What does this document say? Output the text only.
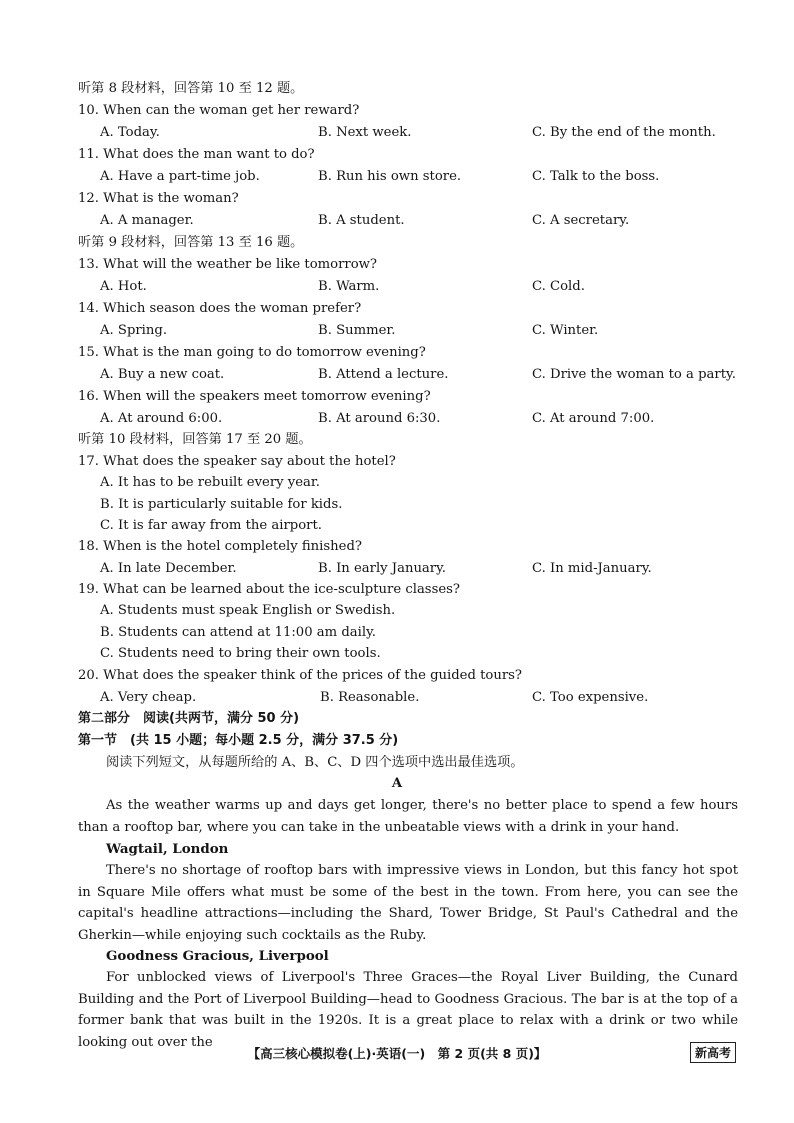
听第 8 段材料，回答第 10 至 12 题。
10. When can the woman get her reward?
A. Today.	B. Next week.	C. By the end of the month.
11. What does the man want to do?
A. Have a part-time job.	B. Run his own store.	C. Talk to the boss.
12. What is the woman?
A. A manager.	B. A student.	C. A secretary.
听第 9 段材料，回答第 13 至 16 题。
13. What will the weather be like tomorrow?
A. Hot.	B. Warm.	C. Cold.
14. Which season does the woman prefer?
A. Spring.	B. Summer.	C. Winter.
15. What is the man going to do tomorrow evening?
A. Buy a new coat.	B. Attend a lecture.	C. Drive the woman to a party.
16. When will the speakers meet tomorrow evening?
A. At around 6:00.	B. At around 6:30.	C. At around 7:00.
听第 10 段材料，回答第 17 至 20 题。
17. What does the speaker say about the hotel?
A. It has to be rebuilt every year.
B. It is particularly suitable for kids.
C. It is far away from the airport.
18. When is the hotel completely finished?
A. In late December.	B. In early January.	C. In mid-January.
19. What can be learned about the ice-sculpture classes?
A. Students must speak English or Swedish.
B. Students can attend at 11:00 am daily.
C. Students need to bring their own tools.
20. What does the speaker think of the prices of the guided tours?
A. Very cheap.	B. Reasonable.	C. Too expensive.
第二部分　阅读(共两节，满分 50 分)
第一节　(共 15 小题；每小题 2.5 分，满分 37.5 分)
阅读下列短文，从每题所给的 A、B、C、D 四个选项中选出最佳选项。
A
As the weather warms up and days get longer, there's no better place to spend a few hours than a rooftop bar, where you can take in the unbeatable views with a drink in your hand.
Wagtail, London
There's no shortage of rooftop bars with impressive views in London, but this fancy hot spot in Square Mile offers what must be some of the best in the town. From here, you can see the capital's headline attractions—including the Shard, Tower Bridge, St Paul's Cathedral and the Gherkin—while enjoying such cocktails as the Ruby.
Goodness Gracious, Liverpool
For unblocked views of Liverpool's Three Graces—the Royal Liver Building, the Cunard Building and the Port of Liverpool Building—head to Goodness Gracious. The bar is at the top of a former bank that was built in the 1920s. It is a great place to relax with a drink or two while looking out over the
【高三核心模拟卷(上)·英语(一)　第 2 页(共 8 页)】	新高考
